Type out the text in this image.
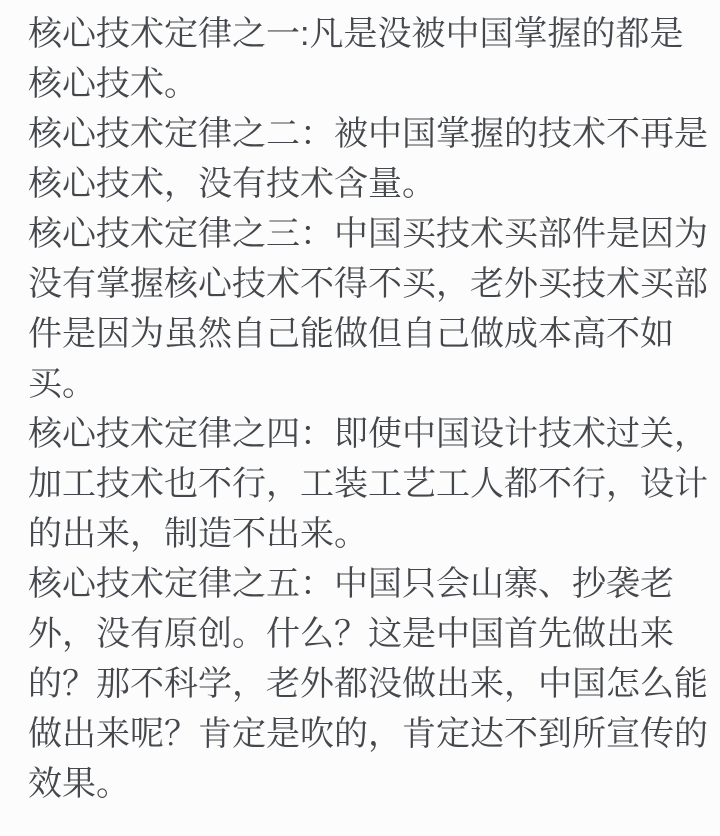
核心技术定律之一:凡是没被中国掌握的都是
核心技术。
核心技术定律之二：被中国掌握的技术不再是
核心技术，没有技术含量。
核心技术定律之三：中国买技术买部件是因为
没有掌握核心技术不得不买，老外买技术买部
件是因为虽然自己能做但自己做成本高不如
买。
核心技术定律之四：即使中国设计技术过关，
加工技术也不行，工装工艺工人都不行，设计
的出来，制造不出来。
核心技术定律之五：中国只会山寨、抄袭老
外，没有原创。什么？这是中国首先做出来
的？那不科学，老外都没做出来，中国怎么能
做出来呢？肯定是吹的，肯定达不到所宣传的
效果。
